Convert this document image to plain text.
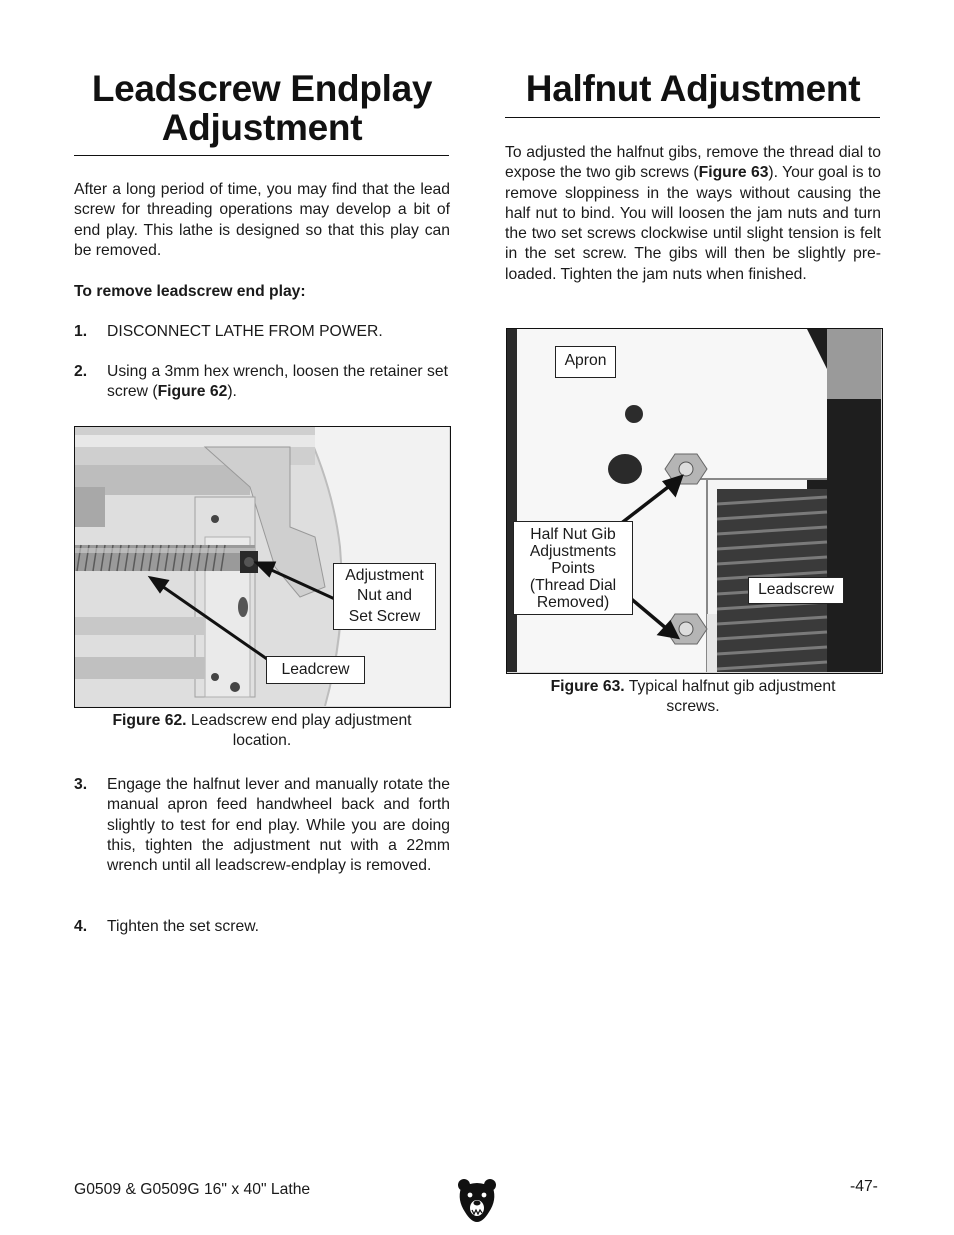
Leadscrew Endplay
Adjustment

After a long period of time, you may find that the lead screw for threading operations may develop a bit of end play. This lathe is designed so that this play can be removed.

To remove leadscrew end play:

1. DISCONNECT LATHE FROM POWER.
2. Using a 3mm hex wrench, loosen the retainer set screw (Figure 62).
Adjustment
Nut and
Set Screw
Leadcrew
Figure 62. Leadscrew end play adjustment
location.
3. Engage the halfnut lever and manually rotate the manual apron feed handwheel back and forth slightly to test for end play. While you are doing this, tighten the adjustment nut with a 22mm wrench until all leadscrew-endplay is removed.
4. Tighten the set screw.
Halfnut Adjustment

To adjusted the halfnut gibs, remove the thread dial to expose the two gib screws (Figure 63). Your goal is to remove sloppiness in the ways without causing the half nut to bind. You will loosen the jam nuts and turn the two set screws clockwise until slight tension is felt in the set screw. The gibs will then be slightly pre-loaded. Tighten the jam nuts when finished.

Apron
Half Nut Gib
Adjustments
Points
(Thread Dial
Removed)
Leadscrew
Figure 63. Typical halfnut gib adjustment
screws.
G0509 & G0509G 16" x 40" Lathe	-47-
